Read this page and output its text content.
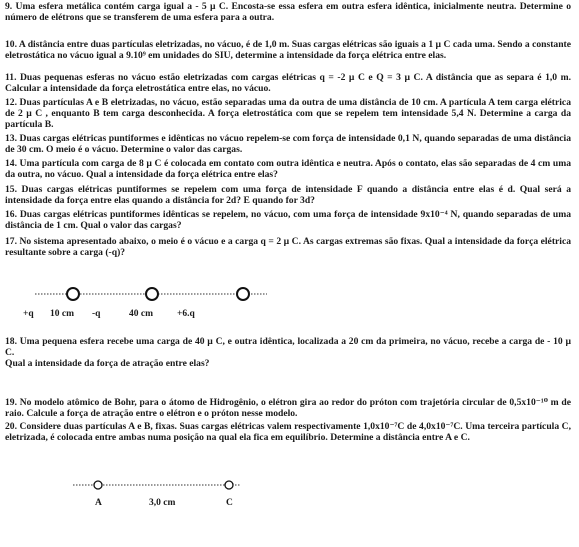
9. Uma esfera metálica contém carga igual a - 5 µ C. Encosta-se essa esfera em outra esfera idêntica, inicialmente neutra. Determine o número de elétrons que se transferem de uma esfera para a outra.
10. A distância entre duas partículas eletrizadas, no vácuo, é de 1,0 m. Suas cargas elétricas são iguais a 1 µ C cada uma. Sendo a constante eletrostática no vácuo igual a 9.10⁹ em unidades do SIU, determine a intensidade da força elétrica entre elas.
11. Duas pequenas esferas no vácuo estão eletrizadas com cargas elétricas q = -2 µ C e Q = 3 µ C. A distância que as separa é 1,0 m. Calcular a intensidade da força eletrostática entre elas, no vácuo.
12. Duas partículas A e B eletrizadas, no vácuo, estão separadas uma da outra de uma distância de 10 cm. A partícula A tem carga elétrica de 2 µ C , enquanto B tem carga desconhecida. A força eletrostática com que se repelem tem intensidade 5,4 N. Determine a carga da partícula B.
13. Duas cargas elétricas puntiformes e idênticas no vácuo repelem-se com força de intensidade 0,1 N, quando separadas de uma distância de 30 cm. O meio é o vácuo. Determine o valor das cargas.
14. Uma partícula com carga de 8 µ C é colocada em contato com outra idêntica e neutra. Após o contato, elas são separadas de 4 cm uma da outra, no vácuo. Qual a intensidade da força elétrica entre elas?
15. Duas cargas elétricas puntiformes se repelem com uma força de intensidade F quando a distância entre elas é d. Qual será a intensidade da força entre elas quando a distância for 2d? E quando for 3d?
16. Duas cargas elétricas puntiformes idênticas se repelem, no vácuo, com uma força de intensidade 9x10⁻⁴ N, quando separadas de uma distância de 1 cm. Qual o valor das cargas?
17. No sistema apresentado abaixo, o meio é o vácuo e a carga q = 2 µ C. As cargas extremas são fixas. Qual a intensidade da força elétrica resultante sobre a carga (-q)?
+q 10 cm -q	40 cm	+6.q
18. Uma pequena esfera recebe uma carga de 40 µ C, e outra idêntica, localizada a 20 cm da primeira, no vácuo, recebe a carga de - 10 µ C.
Qual a intensidade da força de atração entre elas?
19. No modelo atômico de Bohr, para o átomo de Hidrogênio, o elétron gira ao redor do próton com trajetória circular de 0,5x10⁻¹⁰ m de raio. Calcule a força de atração entre o elétron e o próton nesse modelo.
20. Considere duas partículas A e B, fixas. Suas cargas elétricas valem respectivamente 1,0x10⁻⁷C de 4,0x10⁻⁷C. Uma terceira partícula C, eletrizada, é colocada entre ambas numa posição na qual ela fica em equilíbrio. Determine a distância entre A e C.
A	3,0 cm	C
